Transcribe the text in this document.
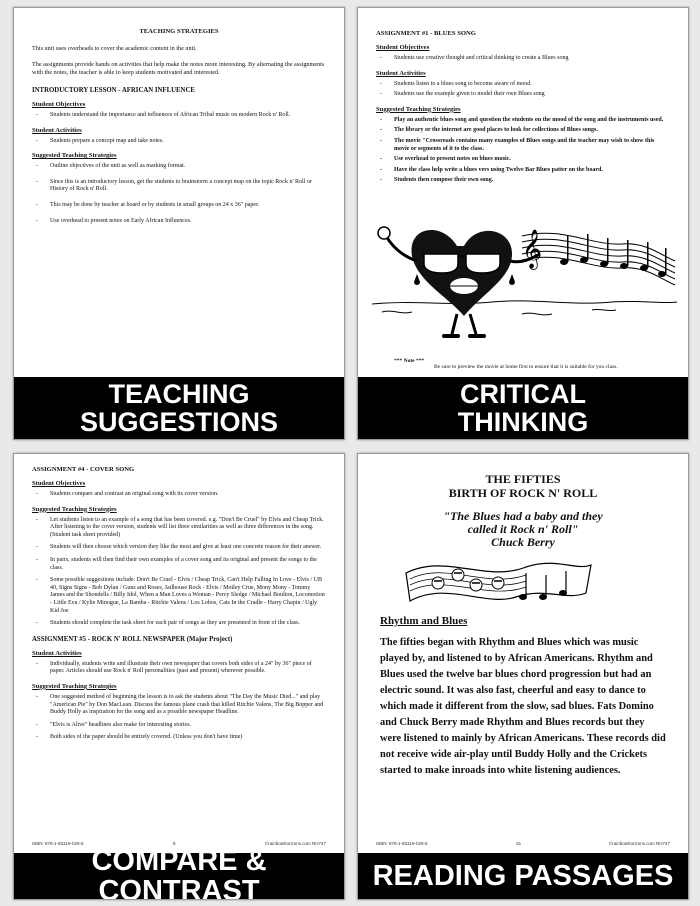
TEACHING STRATEGIES
This unit uses overheads to cover the academic content in the unit.
The assignments provide hands on activities that help make the notes more interesting. By alternating the assignments with the notes, the teacher is able to keep students motivated and interested.
INTRODUCTORY LESSON - AFRICAN INFLUENCE
Student Objectives
-	Students understand the importance and influences of African Tribal music on modern Rock n' Roll.
Student Activities
-	Students prepare a concept map and take notes.
Suggested Teaching Strategies
-	Outline objectives of the unit as well as marking format.
-	Since this is an introductory lesson, get the students to brainstorm a concept map on the topic Rock n' Roll or History of Rock n' Roll.
-	This may be done by teacher at board or by students in small groups on 24 x 36" paper.
-	Use overhead to present notes on Early African Influences.
TEACHING
SUGGESTIONS
ASSIGNMENT #1 - BLUES SONG
Student Objectives
-	Students use creative thought and critical thinking to create a Blues song
Student Activities
-	Students listen to a blues song to become aware of mood.
-	Students use the example given to model their own Blues song
Suggested Teaching Strategies
-	Play an authentic blues song and question the students on the mood of the song and the instruments used.
-	The library or the internet are good places to look for collections of Blues songs.
-	The movie "Crossroads contains many examples of Blues songs and the teacher may wish to show this movie or segments of it to the class.
-	Use overhead to present notes on blues music.
-	Have the class help write a blues vers using Twelve Bar Blues patter on the board.
-	Students then compose their own song.
𝄞
*** Note ***
Be sure to preview the movie at home first to ensure that it is suitable for you class.
CRITICAL
THINKING
ASSIGNMENT #4 - COVER SONG
Student Objectives
-	Students compare and contrast an original song with its cover version.
Suggested Teaching Strategies
-	Let students listen to an example of a song that has been covered. e.g. "Don't Be Cruel" by Elvis and Cheap Trick. After listening to the cover version, students will list three similarities as well as three differences in the song. (Student task sheet provided)
-	Students will then choose which version they like the most and give at least one concrete reason for their answer.
-	In pairs, students will then find their own examples of a cover song and its original and present the songs to the class.
-	Some possible suggestions include: Don't Be Cruel - Elvis / Cheap Trick, Can't Help Falling In Love - Elvis / UB 40, Signs Signs - Bob Dylan / Guns and Roses, Jailhouse Rock - Elvis / Motley Crue, Mony Mony - Tommy James and the Shondells / Billy Idol, When a Man Loves a Woman - Percy Sledge / Michael Boulton, Locomotion - Little Eva / Kylie Minogue, La Bamba - Ritchie Valens / Los Lobos, Cats In the Cradle - Harry Chapin / Ugly Kid Joe
-	Students should complete the task sheet for each pair of songs as they are presented in front of the class.
ASSIGNMENT #5 - ROCK N' ROLL NEWSPAPER (Major Project)
Student Activities
-	Individually, students write and illustrate their own newspaper that covers both sides of a 24" by 36" piece of paper. Articles should use Rock n' Roll personalities (past and present) wherever possible.
Suggested Teaching Strategies
-	One suggested method of beginning the lesson is to ask the students about "The Day the Music Died..." and play "American Pie" by Don MacLean. Discuss the famous plane crash that killed Ritchie Valens, The Big Bopper and Buddy Holly as inspiration for the song and as a possible newspaper Headline.
-	"Elvis is Alive" headlines also make for interesting stories.
-	Both sides of the paper should be entirely covered. (Unless you don't have time)
ISBN: 978-1-55319-029-5	8	©rainbowhorizons.com RH747
COMPARE & CONTRAST
THE FIFTIES
BIRTH OF ROCK N' ROLL
"The Blues had a baby and they
called it Rock n' Roll"
Chuck Berry
Rhythm and Blues
The fifties began with Rhythm and Blues which was music played by, and listened to by African Americans. Rhythm and Blues used the twelve bar blues chord progression but had an electric sound. It was also fast, cheerful and easy to dance to which made it different from the slow, sad blues. Fats Domino and Chuck Berry made Rhythm and Blues records but they were listened to mainly by African Americans. These records did not receive wide air-play until Buddy Holly and the Crickets started to make inroads into white listening audiences.
ISBN: 978-1-55319-029-5	15	©rainbowhorizons.com RH747
READING PASSAGES
